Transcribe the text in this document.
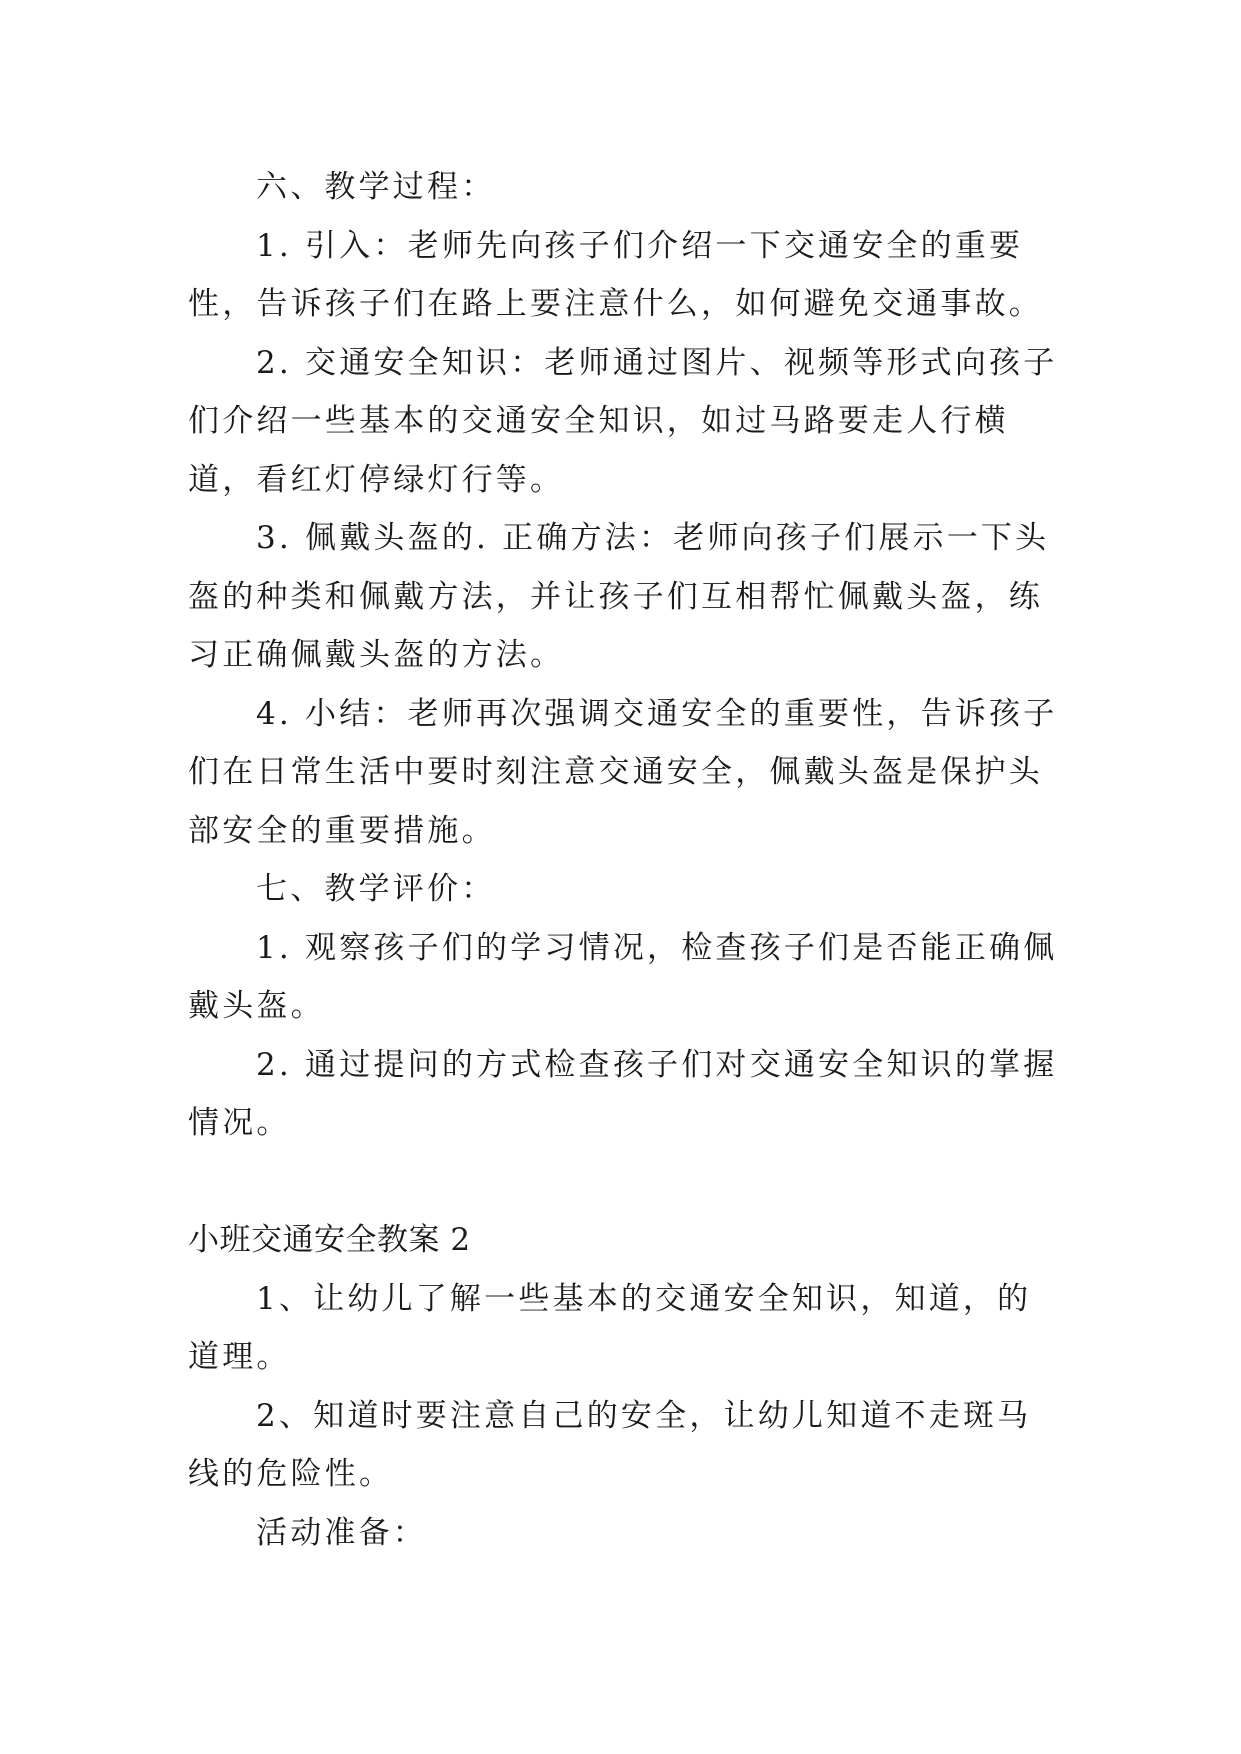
六、教学过程：

1. 引入：老师先向孩子们介绍一下交通安全的重要性，告诉孩子们在路上要注意什么，如何避免交通事故。

2. 交通安全知识：老师通过图片、视频等形式向孩子们介绍一些基本的交通安全知识，如过马路要走人行横道，看红灯停绿灯行等。

3. 佩戴头盔的. 正确方法：老师向孩子们展示一下头盔的种类和佩戴方法，并让孩子们互相帮忙佩戴头盔，练习正确佩戴头盔的方法。

4. 小结：老师再次强调交通安全的重要性，告诉孩子们在日常生活中要时刻注意交通安全，佩戴头盔是保护头部安全的重要措施。

七、教学评价：

1. 观察孩子们的学习情况，检查孩子们是否能正确佩戴头盔。

2. 通过提问的方式检查孩子们对交通安全知识的掌握情况。

小班交通安全教案 2

1、让幼儿了解一些基本的交通安全知识，知道，的道理。

2、知道时要注意自己的安全，让幼儿知道不走斑马线的危险性。

活动准备：
